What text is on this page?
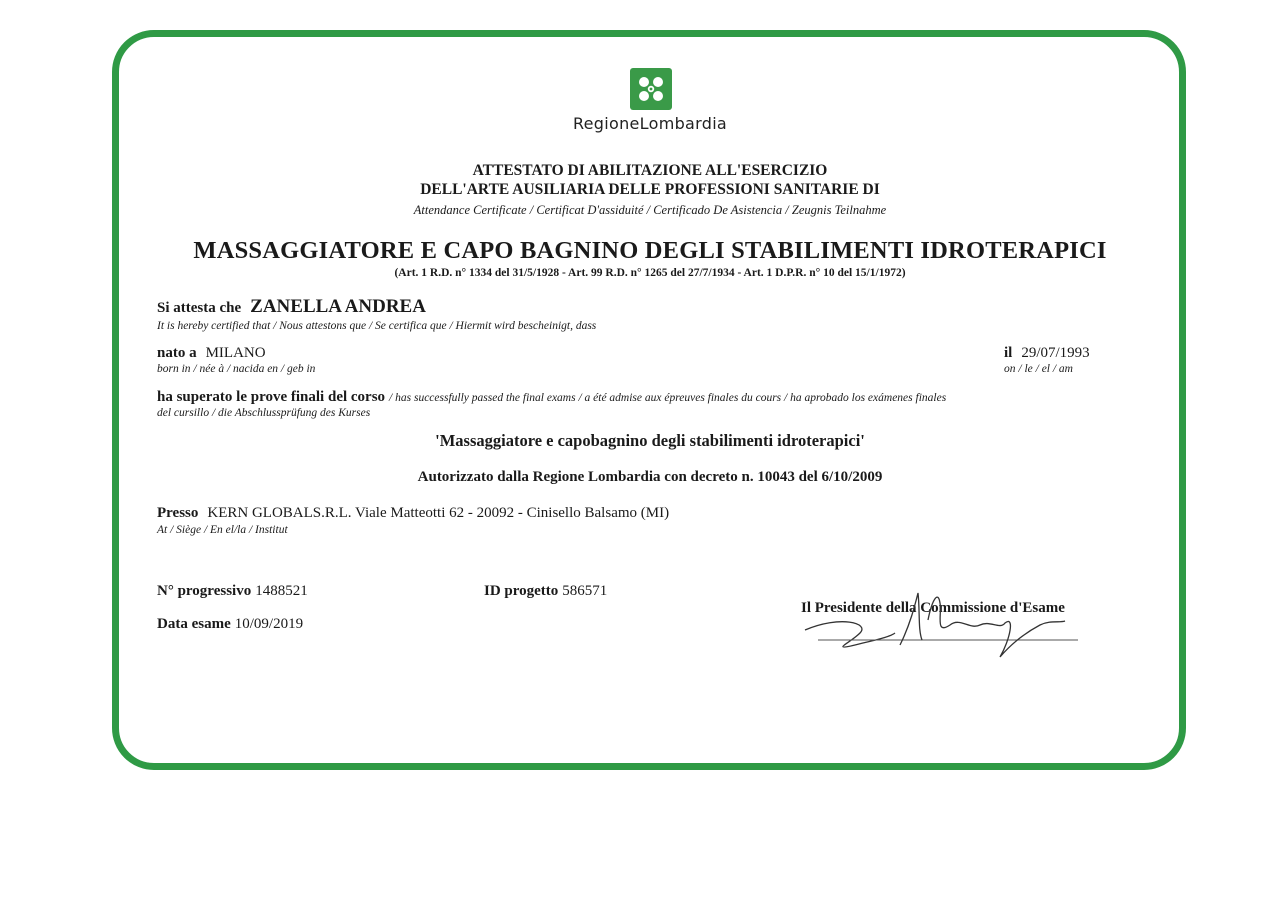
RegioneLombardia
ATTESTATO DI ABILITAZIONE ALL'ESERCIZIO
DELL'ARTE AUSILIARIA DELLE PROFESSIONI SANITARIE DI
Attendance Certificate / Certificat D'assiduité / Certificado De Asistencia / Zeugnis Teilnahme
MASSAGGIATORE E CAPO BAGNINO DEGLI STABILIMENTI IDROTERAPICI
(Art. 1 R.D. n° 1334 del 31/5/1928 - Art. 99 R.D. n° 1265 del 27/7/1934 - Art. 1 D.P.R. n° 10 del 15/1/1972)
Si attesta che ZANELLA ANDREA
It is hereby certified that / Nous attestons que / Se certifica que / Hiermit wird bescheinigt, dass
nato a MILANO
born in / née à / nacida en / geb in
il 29/07/1993
on / le / el / am
ha superato le prove finali del corso / has successfully passed the final exams / a été admise aux épreuves finales du cours / ha aprobado los exámenes finales
del cursillo / die Abschlussprüfung des Kurses
'Massaggiatore e capobagnino degli stabilimenti idroterapici'
Autorizzato dalla Regione Lombardia con decreto n. 10043 del 6/10/2009
Presso KERN GLOBALS.R.L. Viale Matteotti 62 - 20092 - Cinisello Balsamo (MI)
At / Siège / En el/la / Institut
N° progressivo 1488521	ID progetto 586571
Data esame 10/09/2019
Il Presidente della Commissione d'Esame
